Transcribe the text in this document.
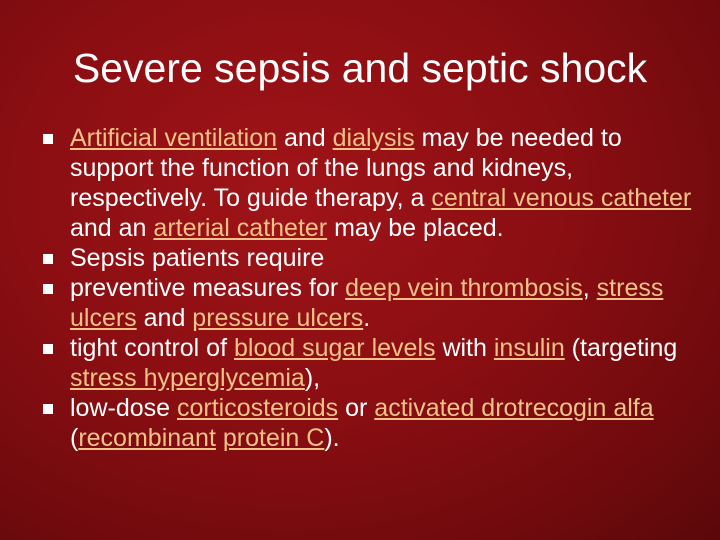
Severe sepsis and septic shock
Artificial ventilation and dialysis may be needed to support the function of the lungs and kidneys, respectively. To guide therapy, a central venous catheter and an arterial catheter may be placed.
Sepsis patients require
preventive measures for deep vein thrombosis, stress ulcers and pressure ulcers.
tight control of blood sugar levels with insulin (targeting stress hyperglycemia),
low-dose corticosteroids or activated drotrecogin alfa (recombinant protein C).
